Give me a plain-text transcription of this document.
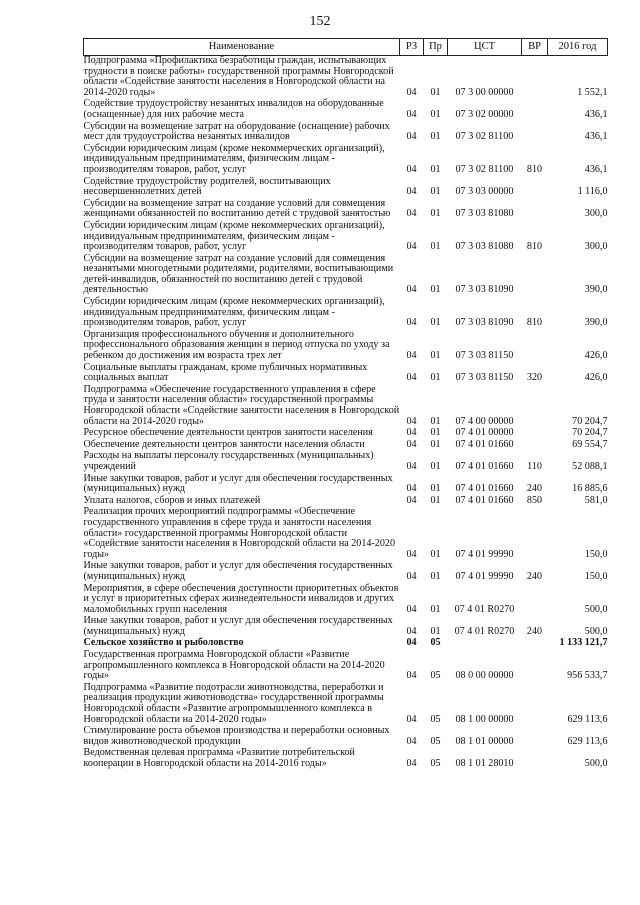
152
Наименование	РЗ	Пр	ЦСТ	ВР	2016 год
Подпрограмма «Профилактика безработицы граждан, испытывающих трудности в поиске работы» государственной программы Новгородской области «Содействие занятости населения в Новгородской области на 2014-2020 годы»	04	01	07 3 00 00000		1 552,1
Содействие трудоустройству незанятых инвалидов на оборудованные (оснащенные) для них рабочие места	04	01	07 3 02 00000		436,1
Субсидии на возмещение затрат на оборудование (оснащение) рабочих мест для трудоустройства незанятых инвалидов	04	01	07 3 02 81100		436,1
Субсидии юридическим лицам (кроме некоммерческих организаций), индивидуальным предпринимателям, физическим лицам - производителям товаров, работ, услуг	04	01	07 3 02 81100	810	436,1
Содействие трудоустройству родителей, воспитывающих несовершеннолетних детей	04	01	07 3 03 00000		1 116,0
Субсидии на возмещение затрат на создание условий для совмещения женщинами обязанностей по воспитанию детей с трудовой занятостью	04	01	07 3 03 81080		300,0
Субсидии юридическим лицам (кроме некоммерческих организаций), индивидуальным предпринимателям, физическим лицам - производителям товаров, работ, услуг	04	01	07 3 03 81080	810	300,0
Субсидии на возмещение затрат на создание условий для совмещения незанятыми многодетными родителями, родителями, воспитывающими детей-инвалидов, обязанностей по воспитанию детей с трудовой деятельностью	04	01	07 3 03 81090		390,0
Субсидии юридическим лицам (кроме некоммерческих организаций), индивидуальным предпринимателям, физическим лицам - производителям товаров, работ, услуг	04	01	07 3 03 81090	810	390,0
Организация профессионального обучения и дополнительного профессионального образования женщин в период отпуска по уходу за ребенком до достижения им возраста трех лет	04	01	07 3 03 81150		426,0
Социальные выплаты гражданам, кроме публичных нормативных социальных выплат	04	01	07 3 03 81150	320	426,0
Подпрограмма «Обеспечение государственного управления в сфере труда и занятости населения области» государственной программы Новгородской области «Содействие занятости населения в Новгородской области на 2014-2020 годы»	04	01	07 4 00 00000		70 204,7
Ресурсное обеспечение деятельности центров занятости населения	04	01	07 4 01 00000		70 204,7
Обеспечение деятельности центров занятости населения области	04	01	07 4 01 01660		69 554,7
Расходы на выплаты персоналу государственных (муниципальных) учреждений	04	01	07 4 01 01660	110	52 088,1
Иные закупки товаров, работ и услуг для обеспечения государственных (муниципальных) нужд	04	01	07 4 01 01660	240	16 885,6
Уплата налогов, сборов и иных платежей	04	01	07 4 01 01660	850	581,0
Реализация прочих мероприятий подпрограммы «Обеспечение государственного управления в сфере труда и занятости населения области» государственной программы Новгородской области «Содействие занятости населения в Новгородской области на 2014-2020 годы»	04	01	07 4 01 99990		150,0
Иные закупки товаров, работ и услуг для обеспечения государственных (муниципальных) нужд	04	01	07 4 01 99990	240	150,0
Мероприятия, в сфере обеспечения доступности приоритетных объектов и услуг в приоритетных сферах жизнедеятельности инвалидов и других маломобильных групп населения	04	01	07 4 01 R0270		500,0
Иные закупки товаров, работ и услуг для обеспечения государственных (муниципальных) нужд	04	01	07 4 01 R0270	240	500,0
Сельское хозяйство и рыболовство	04	05			1 133 121,7
Государственная программа Новгородской области «Развитие агропромышленного комплекса в Новгородской области на 2014-2020 годы»	04	05	08 0 00 00000		956 533,7
Подпрограмма «Развитие подотрасли животноводства, переработки и реализация продукции животноводства» государственной программы Новгородской области «Развитие агропромышленного комплекса в Новгородской области на 2014-2020 годы»	04	05	08 1 00 00000		629 113,6
Стимулирование роста объемов производства и переработки основных видов животноводческой продукции	04	05	08 1 01 00000		629 113,6
Ведомственная целевая программа «Развитие потребительской кооперации в Новгородской области на 2014-2016 годы»	04	05	08 1 01 28010		500,0
